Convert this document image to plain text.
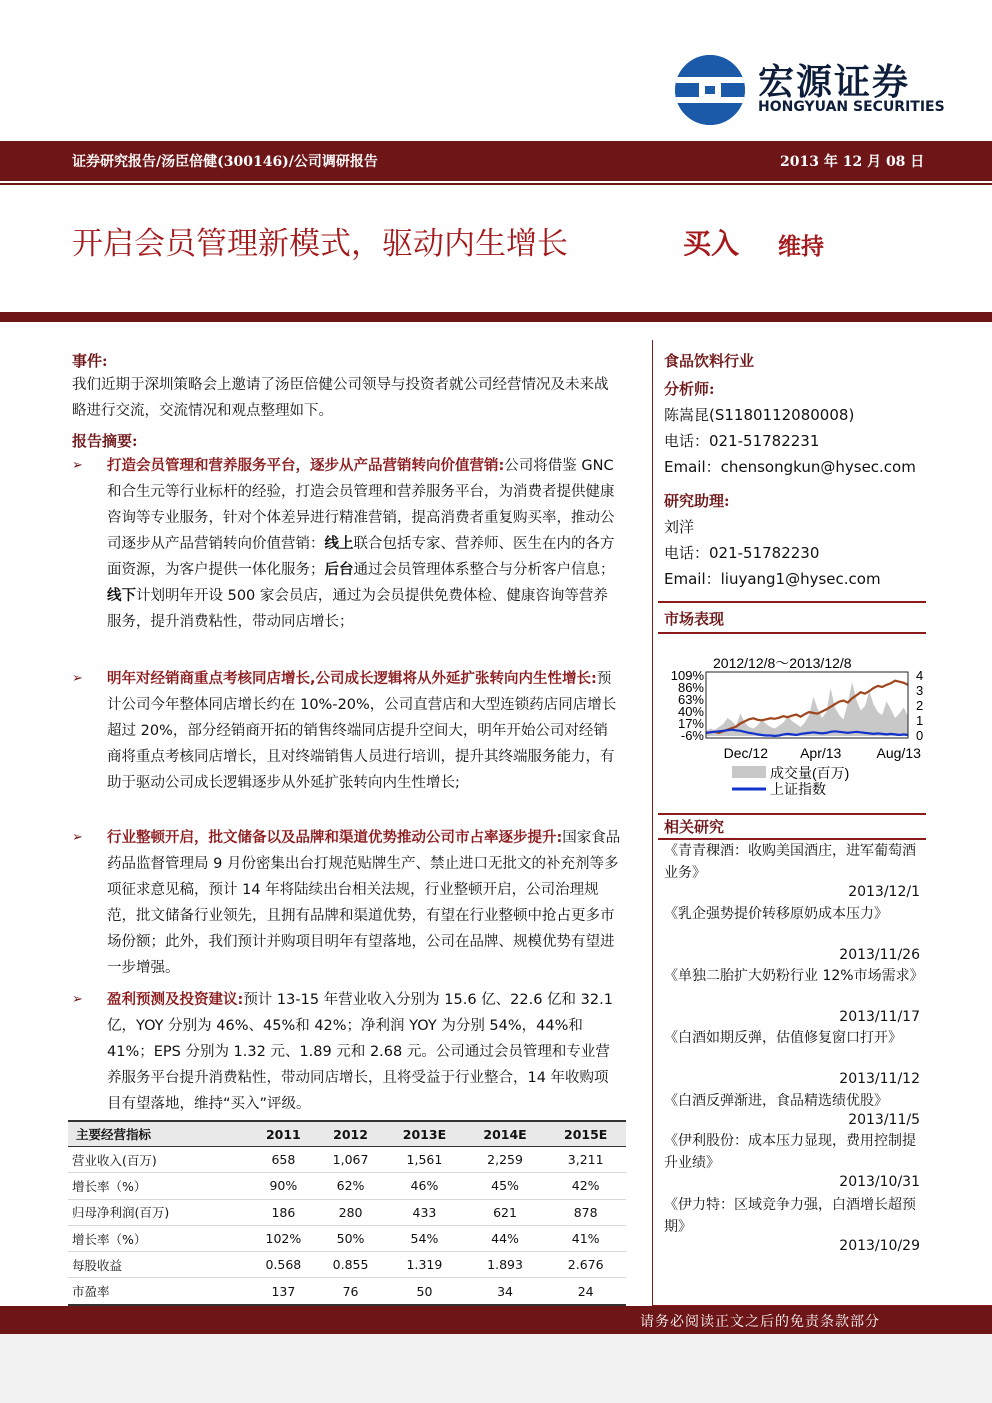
宏源证券
HONGYUAN SECURITIES
证券研究报告/汤臣倍健(300146)/公司调研报告	2013 年 12 月 08 日
开启会员管理新模式，驱动内生增长	买入 维持
事件:
我们近期于深圳策略会上邀请了汤臣倍健公司领导与投资者就公司经营情况及未来战略进行交流，交流情况和观点整理如下。
报告摘要:
➢	打造会员管理和营养服务平台，逐步从产品营销转向价值营销:公司将借鉴 GNC 和合生元等行业标杆的经验，打造会员管理和营养服务平台，为消费者提供健康咨询等专业服务，针对个体差异进行精准营销，提高消费者重复购买率，推动公司逐步从产品营销转向价值营销：线上联合包括专家、营养师、医生在内的各方面资源，为客户提供一体化服务；后台通过会员管理体系整合与分析客户信息；线下计划明年开设 500 家会员店，通过为会员提供免费体检、健康咨询等营养服务，提升消费粘性，带动同店增长；
➢	明年对经销商重点考核同店增长,公司成长逻辑将从外延扩张转向内生性增长:预计公司今年整体同店增长约在 10%-20%，公司直营店和大型连锁药店同店增长超过 20%，部分经销商开拓的销售终端同店提升空间大，明年开始公司对经销商将重点考核同店增长，且对终端销售人员进行培训，提升其终端服务能力，有助于驱动公司成长逻辑逐步从外延扩张转向内生性增长;
➢	行业整顿开启，批文储备以及品牌和渠道优势推动公司市占率逐步提升:国家食品药品监督管理局 9 月份密集出台打规范贴牌生产、禁止进口无批文的补充剂等多项征求意见稿，预计 14 年将陆续出台相关法规，行业整顿开启，公司治理规范，批文储备行业领先，且拥有品牌和渠道优势，有望在行业整顿中抢占更多市场份额；此外，我们预计并购项目明年有望落地，公司在品牌、规模优势有望进一步增强。
➢	盈利预测及投资建议:预计 13-15 年营业收入分别为 15.6 亿、22.6 亿和 32.1 亿，YOY 分别为 46%、45%和 42%；净利润 YOY 为分别 54%，44%和 41%；EPS 分别为 1.32 元、1.89 元和 2.68 元。公司通过会员管理和专业营养服务平台提升消费粘性，带动同店增长，且将受益于行业整合，14 年收购项目有望落地，维持“买入”评级。
主要经营指标	2011	2012	2013E	2014E	2015E
营业收入(百万)	658	1,067	1,561	2,259	3,211
增长率（%）	90%	62%	46%	45%	42%
归母净利润(百万)	186	280	433	621	878
增长率（%）	102%	50%	54%	44%	41%
每股收益	0.568	0.855	1.319	1.893	2.676
市盈率	137	76	50	34	24
食品饮料行业
分析师:
陈嵩昆(S1180112080008)
电话：021-51782231
Email：chensongkun@hysec.com
研究助理:
刘洋
电话：021-51782230
Email：liuyang1@hysec.com
市场表现
2012/12/8～2013/12/8
109%
86%
63%
40%
17%
-6%
4
3
2
1
0
Dec/12 Apr/13	Aug/13
成交量(百万)
上证指数
相关研究
《青青稞酒：收购美国酒庄，进军葡萄酒业务》
2013/12/1
《乳企强势提价转移原奶成本压力》
2013/11/26
《单独二胎扩大奶粉行业 12%市场需求》
2013/11/17
《白酒如期反弹，估值修复窗口打开》
2013/11/12
《白酒反弹渐进，食品精选绩优股》
2013/11/5
《伊利股份：成本压力显现，费用控制提升业绩》
2013/10/31
《伊力特：区域竞争力强，白酒增长超预期》
2013/10/29
请务必阅读正文之后的免责条款部分
